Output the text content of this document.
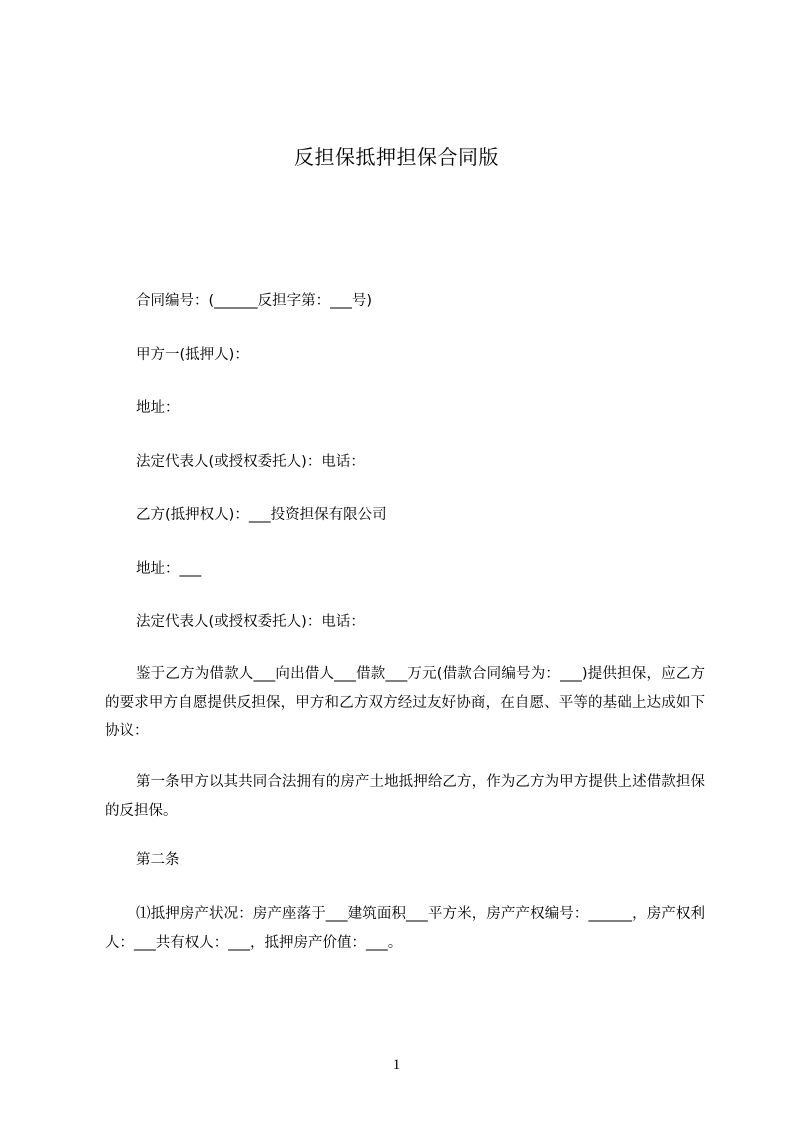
反担保抵押担保合同版
合同编号：(______反担字第：___号)
甲方一(抵押人)：
地址：
法定代表人(或授权委托人)：电话：
乙方(抵押权人)：___投资担保有限公司
地址：___
法定代表人(或授权委托人)：电话：
鉴于乙方为借款人___向出借人___借款___万元(借款合同编号为：___)提供担保，应乙方的要求甲方自愿提供反担保，甲方和乙方双方经过友好协商，在自愿、平等的基础上达成如下协议：
第一条甲方以其共同合法拥有的房产土地抵押给乙方，作为乙方为甲方提供上述借款担保的反担保。
第二条
⑴抵押房产状况：房产座落于___建筑面积___平方米，房产产权编号：______，房产权利人：___共有权人：___，抵押房产价值：___。
1
